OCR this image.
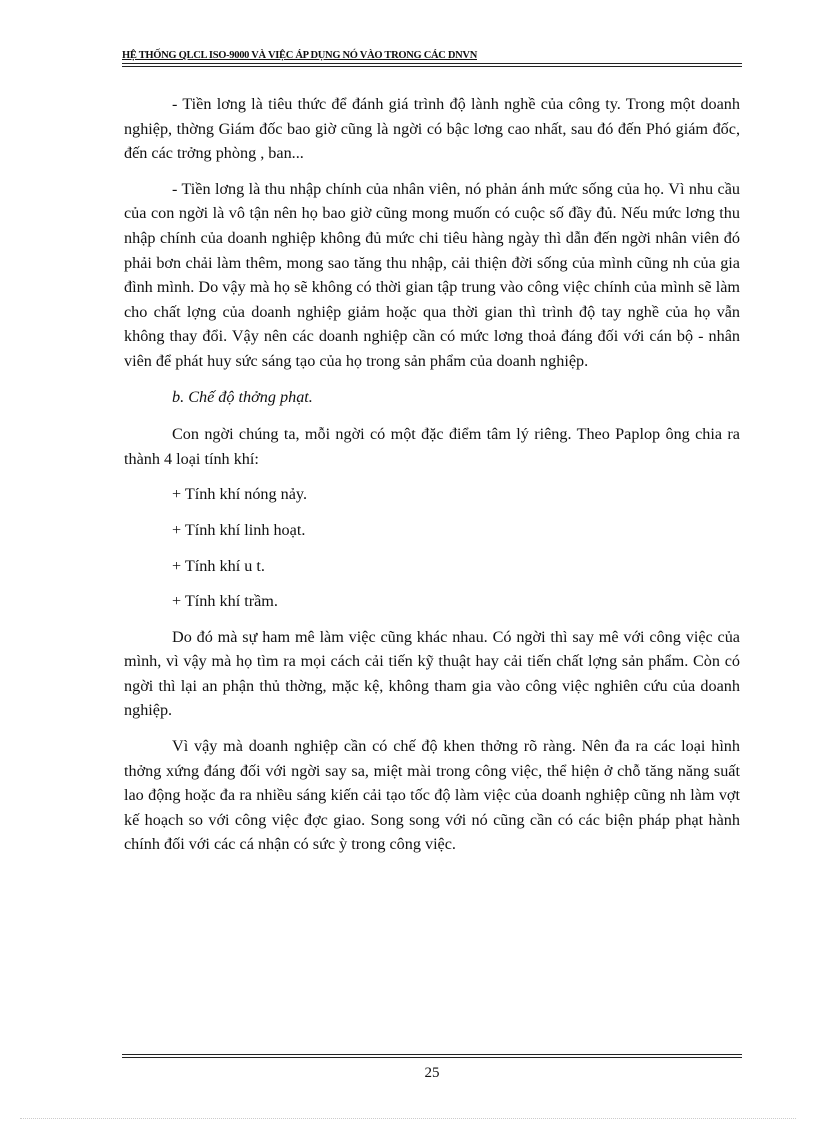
HỆ THỐNG QLCL ISO-9000 VÀ VIỆC ÁP DỤNG NÓ VÀO TRONG CÁC DNVN

- Tiền lơng là tiêu thức để đánh giá trình độ lành nghề của công ty. Trong một doanh nghiệp, thờng Giám đốc bao giờ cũng là ngời có bậc lơng cao nhất, sau đó đến Phó giám đốc, đến các trởng phòng , ban...

- Tiền lơng là thu nhập chính của nhân viên, nó phản ánh mức sống của họ. Vì nhu cầu của con ngời là vô tận nên họ bao giờ cũng mong muốn có cuộc số đầy đủ. Nếu mức lơng thu nhập chính của doanh nghiệp không đủ mức chi tiêu hàng ngày thì dẫn đến ngời nhân viên đó phải bơn chải làm thêm, mong sao tăng thu nhập, cải thiện đời sống của mình cũng nh của gia đình mình. Do vậy mà họ sẽ không có thời gian tập trung vào công việc chính của mình sẽ làm cho chất lợng của doanh nghiệp giảm hoặc qua thời gian thì trình độ tay nghề của họ vẫn không thay đổi. Vậy nên các doanh nghiệp cần có mức lơng thoả đáng đối với cán bộ - nhân viên để phát huy sức sáng tạo của họ trong sản phẩm của doanh nghiệp.

b. Chế độ thởng phạt.

Con ngời chúng ta, mỗi ngời có một đặc điểm tâm lý riêng. Theo Paplop ông chia ra thành 4 loại tính khí:

+ Tính khí nóng nảy.

+ Tính khí linh hoạt.

+ Tính khí u t.

+ Tính khí trầm.

Do đó mà sự ham mê làm việc cũng khác nhau. Có ngời thì say mê với công việc của mình, vì vậy mà họ tìm ra mọi cách cải tiến kỹ thuật hay cải tiến chất lợng sản phẩm. Còn có ngời thì lại an phận thủ thờng, mặc kệ, không tham gia vào công việc nghiên cứu của doanh nghiệp.

Vì vậy mà doanh nghiệp cần có chế độ khen thởng rõ ràng. Nên đa ra các loại hình thởng xứng đáng đối với ngời say sa, miệt mài trong công việc, thể hiện ở chỗ tăng năng suất lao động hoặc đa ra nhiều sáng kiến cải tạo tốc độ làm việc của doanh nghiệp cũng nh làm vợt kế hoạch so với công việc đợc giao. Song song với nó cũng cần có các biện pháp phạt hành chính đối với các cá nhận có sức ỳ trong công việc.

25
